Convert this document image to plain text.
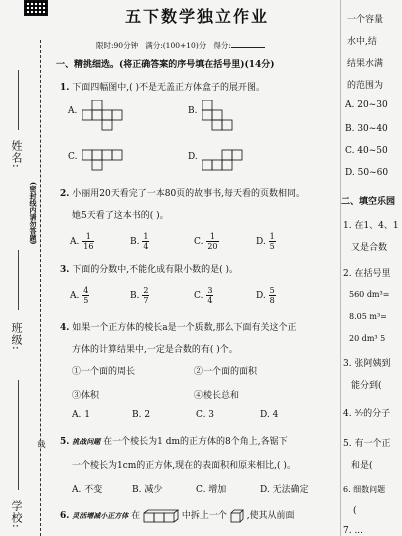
姓名:
(密封线内请勿答题)
班级:
线
学校:
五下数学独立作业
限时:90分钟 满分:(100+10)分 得分:
一、精挑细选。(将正确答案的序号填在括号里)(14分)
1. 下面四幅图中,( )不是无盖正方体盒子的展开图。
A.	B.
C.	D.
2. 小丽用20天看完了一本80页的故事书,每天看的页数相同。
她5天看了这本书的( )。
A. $\frac{1}{16}$	B. $\frac{1}{4}$	C. $\frac{1}{20}$	D. $\frac{1}{5}$
3. 下面的分数中,不能化成有限小数的是( )。
A. $\frac{4}{5}$	B. $\frac{2}{7}$	C. $\frac{3}{4}$	D. $\frac{5}{8}$
4. 如果一个正方体的棱长a是一个质数,那么下面有关这个正
方体的计算结果中,一定是合数的有( )个。
①一个面的周长	②一个面的面积
③体积	④棱长总和
A. 1	B. 2	C. 3	D. 4
5. 挑战问题 在一个棱长为1 dm的正方体的8个角上,各锯下
一个棱长为1cm的正方体,现在的表面积和原来相比,( )。
A. 不变	B. 减少	C. 增加	D. 无法确定
6. 灵活增减小正方体 在	中拆上一个 ,使其从前面
一个容量
水中,结
结果水满
的范围为
A. 20~30
B. 30~40
C. 40~50
D. 50~60
二、填空乐园
1. 在1、4、1
又是合数
2. 在括号里
560 dm³=
8.05 m³=
20 dm³ 5
3. 张阿姨到
能分到(
4. ³⁄₇的分子
5. 有一个正
和是(
6. 细数问题
(
7. ...
